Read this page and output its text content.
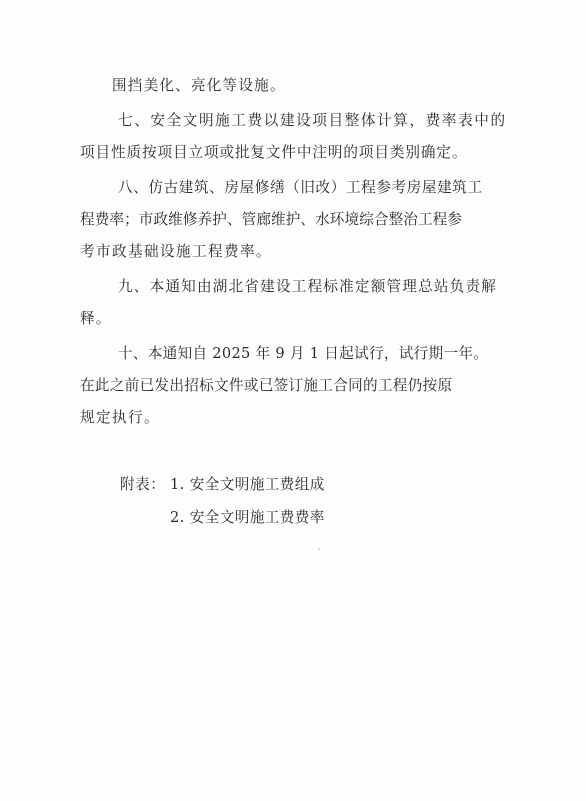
围挡美化、亮化等设施。
七、安全文明施工费以建设项目整体计算，费率表中的
项目性质按项目立项或批复文件中注明的项目类别确定。
八、仿古建筑、房屋修缮（旧改）工程参考房屋建筑工
程费率；市政维修养护、管廊维护、水环境综合整治工程参
考市政基础设施工程费率。
九、本通知由湖北省建设工程标准定额管理总站负责解
释。
十、本通知自 2025 年 9 月 1 日起试行，试行期一年。
在此之前已发出招标文件或已签订施工合同的工程仍按原
规定执行。
附表： 1. 安全文明施工费组成
2. 安全文明施工费费率
